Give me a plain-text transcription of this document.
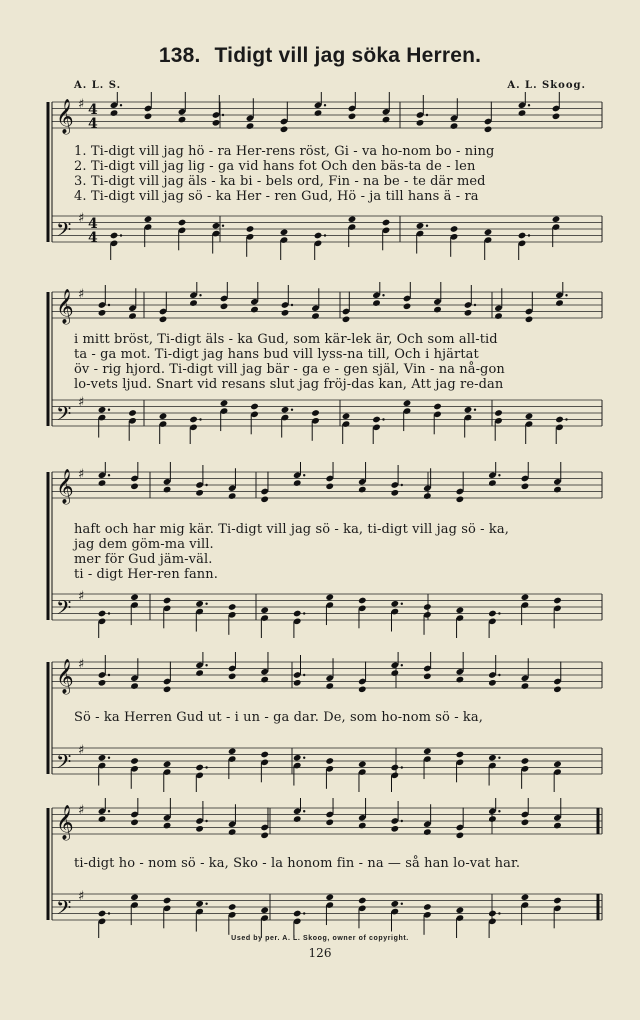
138. Tidigt vill jag söka Herren.
A. L. S.	A. L. Skoog.
𝄞 ♯ 4
4
𝄢 ♯ 4
4
1. Ti-digt vill jag hö - ra Her-rens röst, Gi - va ho-nom bo - ning
2. Ti-digt vill jag lig - ga vid hans fot Och den bäs-ta de - len
3. Ti-digt vill jag äls - ka bi - bels ord, Fin - na be - te där med
4. Ti-digt vill jag sö - ka Her - ren Gud, Hö - ja till hans ä - ra
𝄞 ♯
𝄢 ♯
i mitt bröst, Ti-digt äls - ka Gud, som kär-lek är, Och som all-tid
ta - ga mot. Ti-digt jag hans bud vill lyss-na till, Och i hjärtat
öv - rig hjord. Ti-digt vill jag bär - ga e - gen själ, Vin - na nå-gon
lo-vets ljud. Snart vid resans slut jag fröj-das kan, Att jag re-dan
𝄞 ♯
𝄢 ♯
haft och har mig kär. Ti-digt vill jag sö - ka, ti-digt vill jag sö - ka,
jag dem göm-ma vill.
mer för Gud jäm-väl.
ti - digt Her-ren fann.
𝄞 ♯
𝄢 ♯
Sö - ka Herren Gud ut - i un - ga dar. De, som ho-nom sö - ka,
𝄞 ♯
𝄢 ♯
ti-digt ho - nom sö - ka, Sko - la honom fin - na — så han lo-vat har.
Used by per. A. L. Skoog, owner of copyright.
126
